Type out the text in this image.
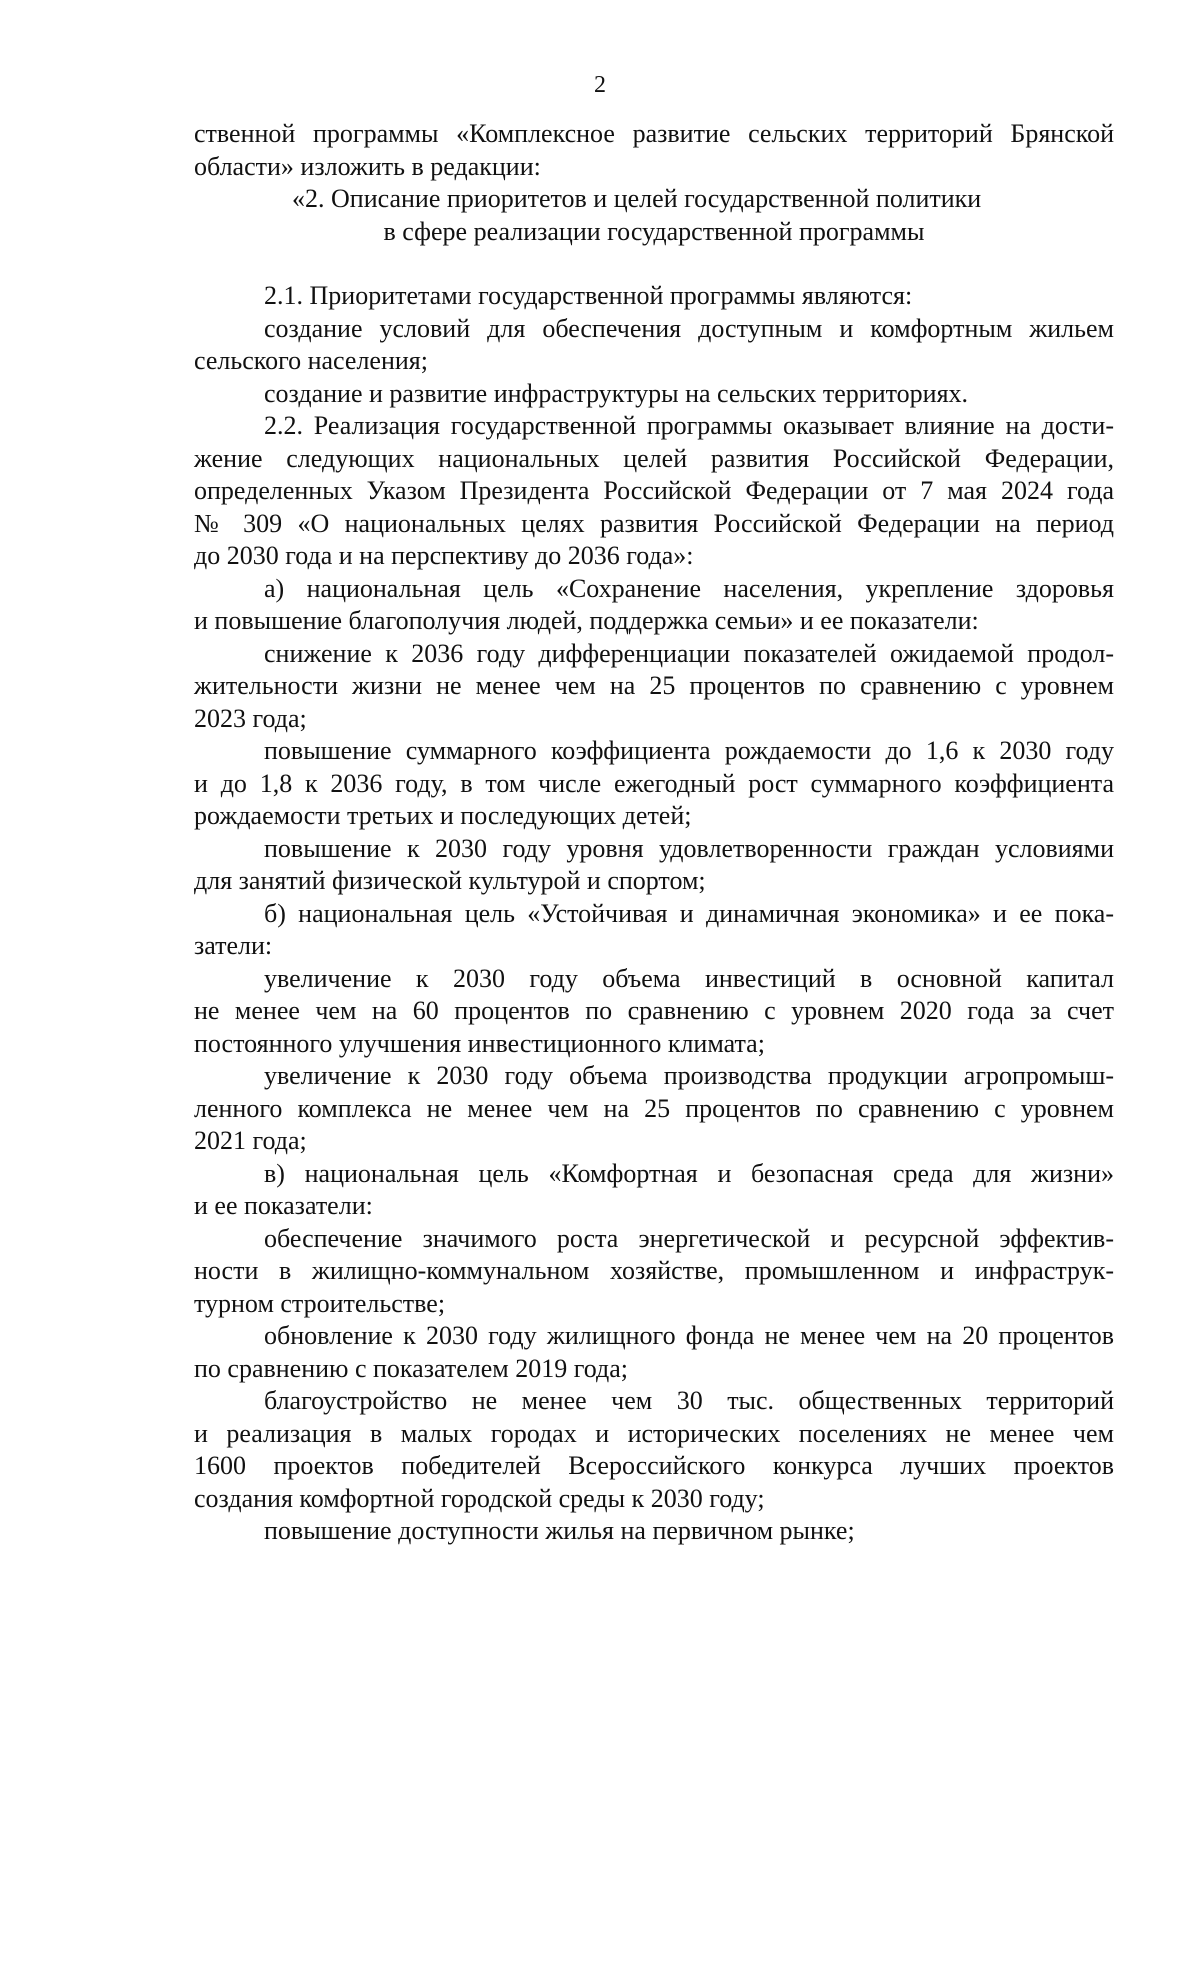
2
ственной программы «Комплексное развитие сельских территорий Брянской
области» изложить в редакции:
«2. Описание приоритетов и целей государственной политики
в сфере реализации государственной программы
2.1. Приоритетами государственной программы являются:
создание условий для обеспечения доступным и комфортным жильем
сельского населения;
создание и развитие инфраструктуры на сельских территориях.
2.2. Реализация государственной программы оказывает влияние на дости-
жение следующих национальных целей развития Российской Федерации,
определенных Указом Президента Российской Федерации от 7 мая 2024 года
№ 309 «О национальных целях развития Российской Федерации на период
до 2030 года и на перспективу до 2036 года»:
а) национальная цель «Сохранение населения, укрепление здоровья
и повышение благополучия людей, поддержка семьи» и ее показатели:
снижение к 2036 году дифференциации показателей ожидаемой продол-
жительности жизни не менее чем на 25 процентов по сравнению с уровнем
2023 года;
повышение суммарного коэффициента рождаемости до 1,6 к 2030 году
и до 1,8 к 2036 году, в том числе ежегодный рост суммарного коэффициента
рождаемости третьих и последующих детей;
повышение к 2030 году уровня удовлетворенности граждан условиями
для занятий физической культурой и спортом;
б) национальная цель «Устойчивая и динамичная экономика» и ее пока-
затели:
увеличение к 2030 году объема инвестиций в основной капитал
не менее чем на 60 процентов по сравнению с уровнем 2020 года за счет
постоянного улучшения инвестиционного климата;
увеличение к 2030 году объема производства продукции агропромыш-
ленного комплекса не менее чем на 25 процентов по сравнению с уровнем
2021 года;
в) национальная цель «Комфортная и безопасная среда для жизни»
и ее показатели:
обеспечение значимого роста энергетической и ресурсной эффектив-
ности в жилищно-коммунальном хозяйстве, промышленном и инфраструк-
турном строительстве;
обновление к 2030 году жилищного фонда не менее чем на 20 процентов
по сравнению с показателем 2019 года;
благоустройство не менее чем 30 тыс. общественных территорий
и реализация в малых городах и исторических поселениях не менее чем
1600 проектов победителей Всероссийского конкурса лучших проектов
создания комфортной городской среды к 2030 году;
повышение доступности жилья на первичном рынке;
